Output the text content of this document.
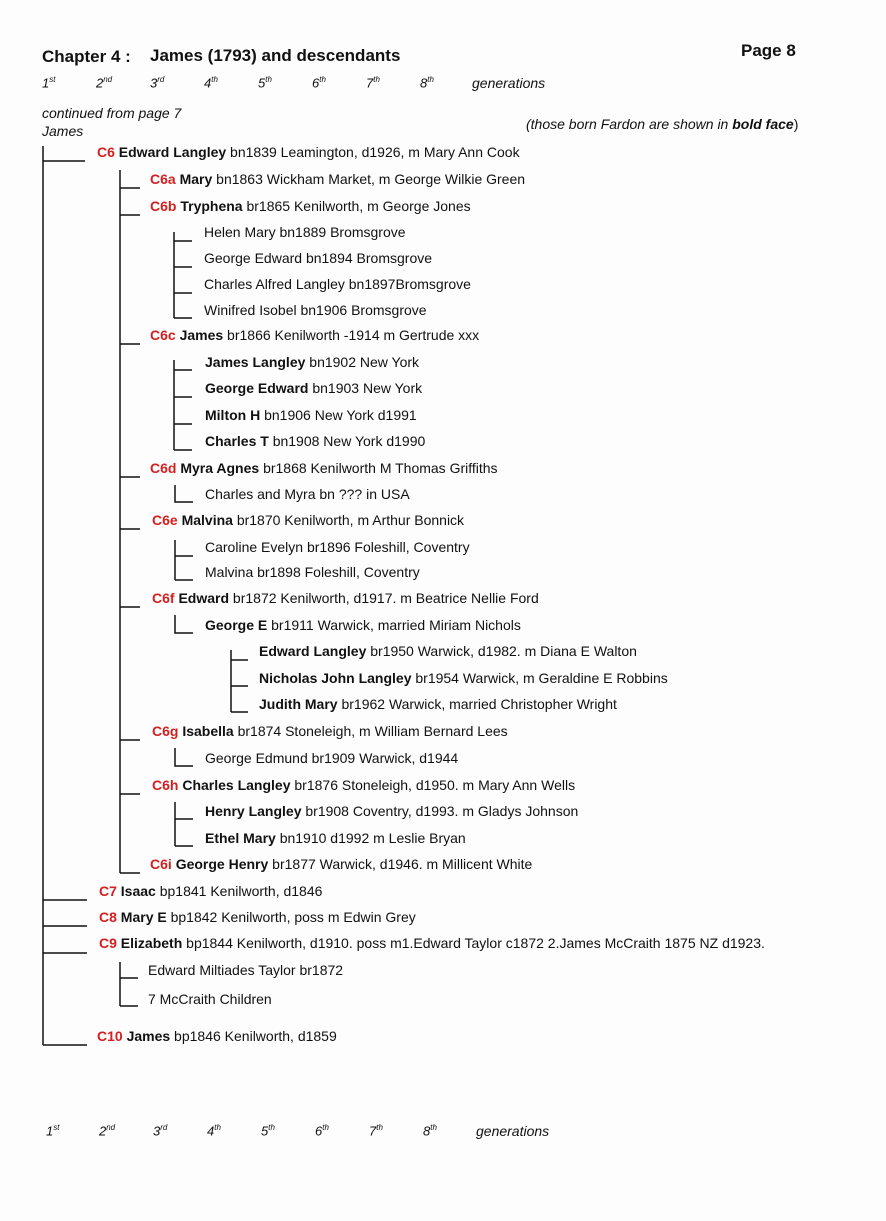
Chapter 4 : James (1793) and descendants	Page 8
1st	2nd	3rd	4th	5th	6th	7th	8th	generations
1st	2nd	3rd	4th	5th	6th	7th	8th	generations
continued from page 7
James	(those born Fardon are shown in bold face)
C6 Edward Langley bn1839 Leamington, d1926, m Mary Ann Cook
C6a Mary bn1863 Wickham Market, m George Wilkie Green
C6b Tryphena br1865 Kenilworth, m George Jones
Helen Mary bn1889 Bromsgrove
George Edward bn1894 Bromsgrove
Charles Alfred Langley bn1897Bromsgrove
Winifred Isobel bn1906 Bromsgrove
C6c James br1866 Kenilworth -1914 m Gertrude xxx
James Langley bn1902 New York
George Edward bn1903 New York
Milton H bn1906 New York d1991
Charles T bn1908 New York d1990
C6d Myra Agnes br1868 Kenilworth M Thomas Griffiths
Charles and Myra bn ??? in USA
C6e Malvina br1870 Kenilworth, m Arthur Bonnick
Caroline Evelyn br1896 Foleshill, Coventry
Malvina br1898 Foleshill, Coventry
C6f Edward br1872 Kenilworth, d1917. m Beatrice Nellie Ford
George E br1911 Warwick, married Miriam Nichols
Edward Langley br1950 Warwick, d1982. m Diana E Walton
Nicholas John Langley br1954 Warwick, m Geraldine E Robbins
Judith Mary br1962 Warwick, married Christopher Wright
C6g Isabella br1874 Stoneleigh, m William Bernard Lees
George Edmund br1909 Warwick, d1944
C6h Charles Langley br1876 Stoneleigh, d1950. m Mary Ann Wells
Henry Langley br1908 Coventry, d1993. m Gladys Johnson
Ethel Mary bn1910 d1992 m Leslie Bryan
C6i George Henry br1877 Warwick, d1946. m Millicent White
C7 Isaac bp1841 Kenilworth, d1846
C8 Mary E bp1842 Kenilworth, poss m Edwin Grey
C9 Elizabeth bp1844 Kenilworth, d1910. poss m1.Edward Taylor c1872 2.James McCraith 1875 NZ d1923.
Edward Miltiades Taylor br1872
7 McCraith Children
C10 James bp1846 Kenilworth, d1859
